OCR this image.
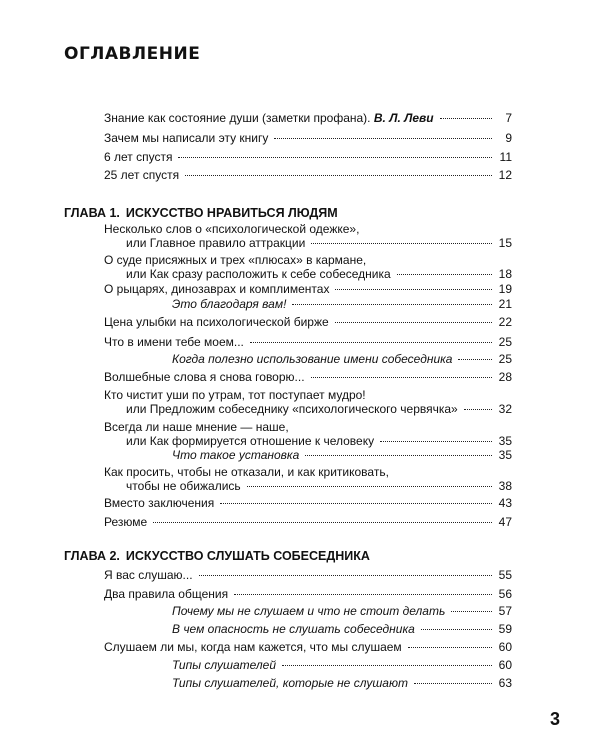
ОГЛАВЛЕНИЕ
Знание как состояние души (заметки профана). В. Л. Леви	7
Зачем мы написали эту книгу	9
6 лет спустя	11
25 лет спустя	12
ГЛАВА 1. ИСКУССТВО НРАВИТЬСЯ ЛЮДЯМ
Несколько слов о «психологической одежке»,
или Главное правило аттракции	15
О суде присяжных и трех «плюсах» в кармане,
или Как сразу расположить к себе собеседника	18
О рыцарях, динозаврах и комплиментах	19
Это благодаря вам!	21
Цена улыбки на психологической бирже	22
Что в имени тебе моем...	25
Когда полезно использование имени собеседника	25
Волшебные слова я снова говорю...	28
Кто чистит уши по утрам, тот поступает мудро!
или Предложим собеседнику «психологического червячка»	32
Всегда ли наше мнение — наше,
или Как формируется отношение к человеку	35
Что такое установка	35
Как просить, чтобы не отказали, и как критиковать,
чтобы не обижались	38
Вместо заключения	43
Резюме	47
ГЛАВА 2. ИСКУССТВО СЛУШАТЬ СОБЕСЕДНИКА
Я вас слушаю...	55
Два правила общения	56
Почему мы не слушаем и что не стоит делать	57
В чем опасность не слушать собеседника	59
Слушаем ли мы, когда нам кажется, что мы слушаем	60
Типы слушателей	60
Типы слушателей, которые не слушают	63
3
